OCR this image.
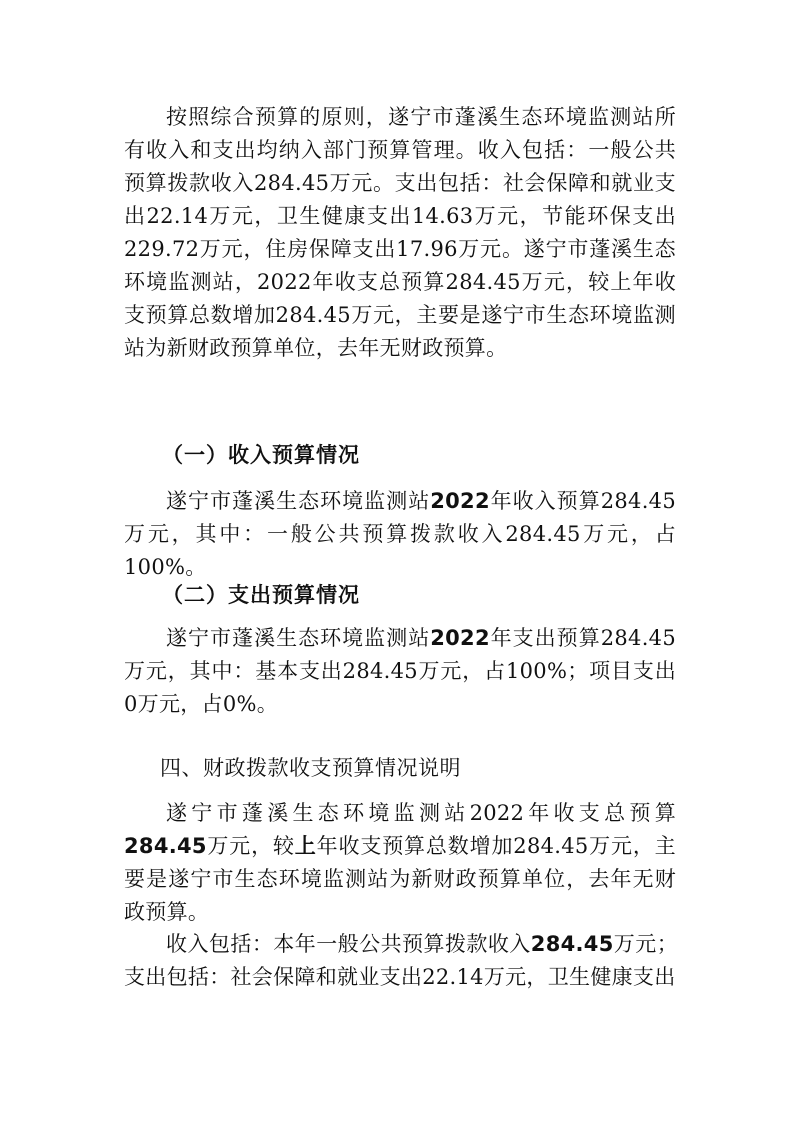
按照综合预算的原则，遂宁市蓬溪生态环境监测站所有收入和支出均纳入部门预算管理。收入包括：一般公共预算拨款收入284.45万元。支出包括：社会保障和就业支出22.14万元，卫生健康支出14.63万元，节能环保支出229.72万元，住房保障支出17.96万元。遂宁市蓬溪生态环境监测站，2022年收支总预算284.45万元，较上年收支预算总数增加284.45万元，主要是遂宁市生态环境监测站为新财政预算单位，去年无财政预算。

（一）收入预算情况

遂宁市蓬溪生态环境监测站2022年收入预算284.45万元，其中：一般公共预算拨款收入284.45万元，占100%。

（二）支出预算情况

遂宁市蓬溪生态环境监测站2022年支出预算284.45万元，其中：基本支出284.45万元，占100%；项目支出0万元，占0%。

四、财政拨款收支预算情况说明

遂宁市蓬溪生态环境监测站2022年收支总预算284.45万元，较上年收支预算总数增加284.45万元，主要是遂宁市生态环境监测站为新财政预算单位，去年无财政预算。

收入包括：本年一般公共预算拨款收入284.45万元；支出包括：社会保障和就业支出22.14万元，卫生健康支出
